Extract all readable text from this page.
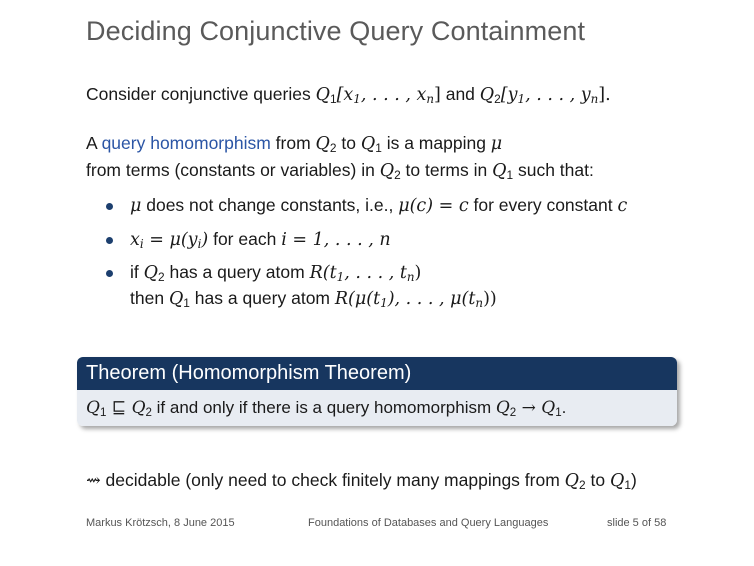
Deciding Conjunctive Query Containment
Consider conjunctive queries $Q_1[x_1$, . . . , $x_n$] and $Q_2[y_1$, . . . , $y_n$].
A query homomorphism from $Q_2$ to $Q_1$ is a mapping μ
from terms (constants or variables) in $Q_2$ to terms in $Q_1$ such that:
μ does not change constants, i.e., μ(c) = c for every constant c
$x_i = \mu(y_i)$ for each i = 1, . . . , n
if $Q_2$ has a query atom $R(t_1$, . . . , $t_n$)
then $Q_1$ has a query atom $R(\mu(t_1)$, . . . , $\mu(t_n)$)
Theorem (Homomorphism Theorem)
$Q_1$ ⊑ $Q_2$ if and only if there is a query homomorphism $Q_2 \to Q_1$.
⇝ decidable (only need to check finitely many mappings from $Q_2$ to $Q_1$)
Markus Krötzsch, 8 June 2015	Foundations of Databases and Query Languages	slide 5 of 58
